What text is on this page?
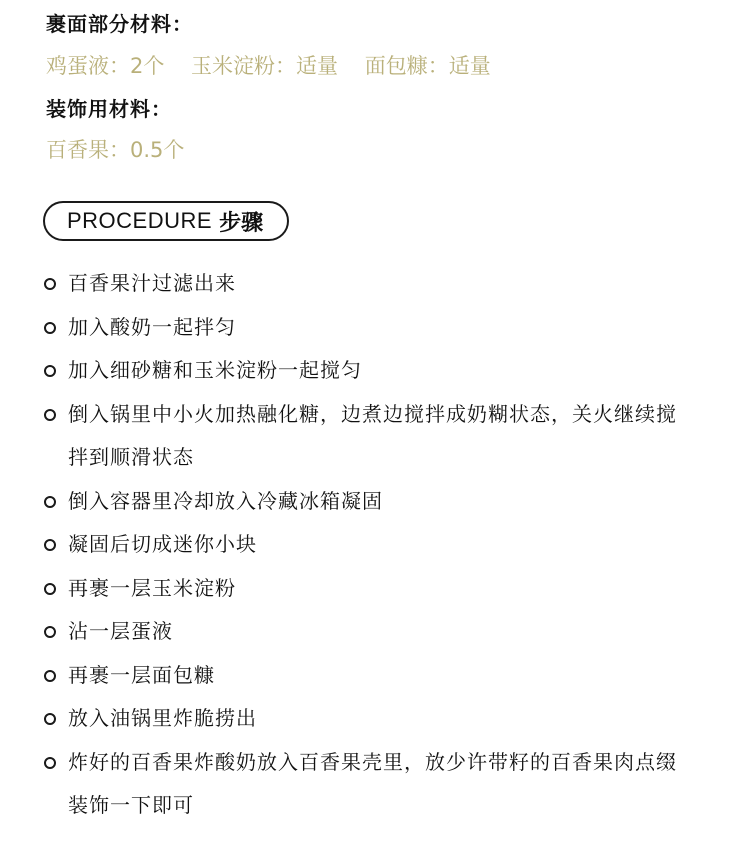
裹面部分材料：
鸡蛋液：2个    玉米淀粉：适量    面包糠：适量
装饰用材料：
百香果：0.5个
PROCEDURE 步骤
百香果汁过滤出来
加入酸奶一起拌匀
加入细砂糖和玉米淀粉一起搅匀
倒入锅里中小火加热融化糖，边煮边搅拌成奶糊状态，关火继续搅拌到顺滑状态
倒入容器里冷却放入冷藏冰箱凝固
凝固后切成迷你小块
再裹一层玉米淀粉
沾一层蛋液
再裹一层面包糠
放入油锅里炸脆捞出
炸好的百香果炸酸奶放入百香果壳里，放少许带籽的百香果肉点缀装饰一下即可
